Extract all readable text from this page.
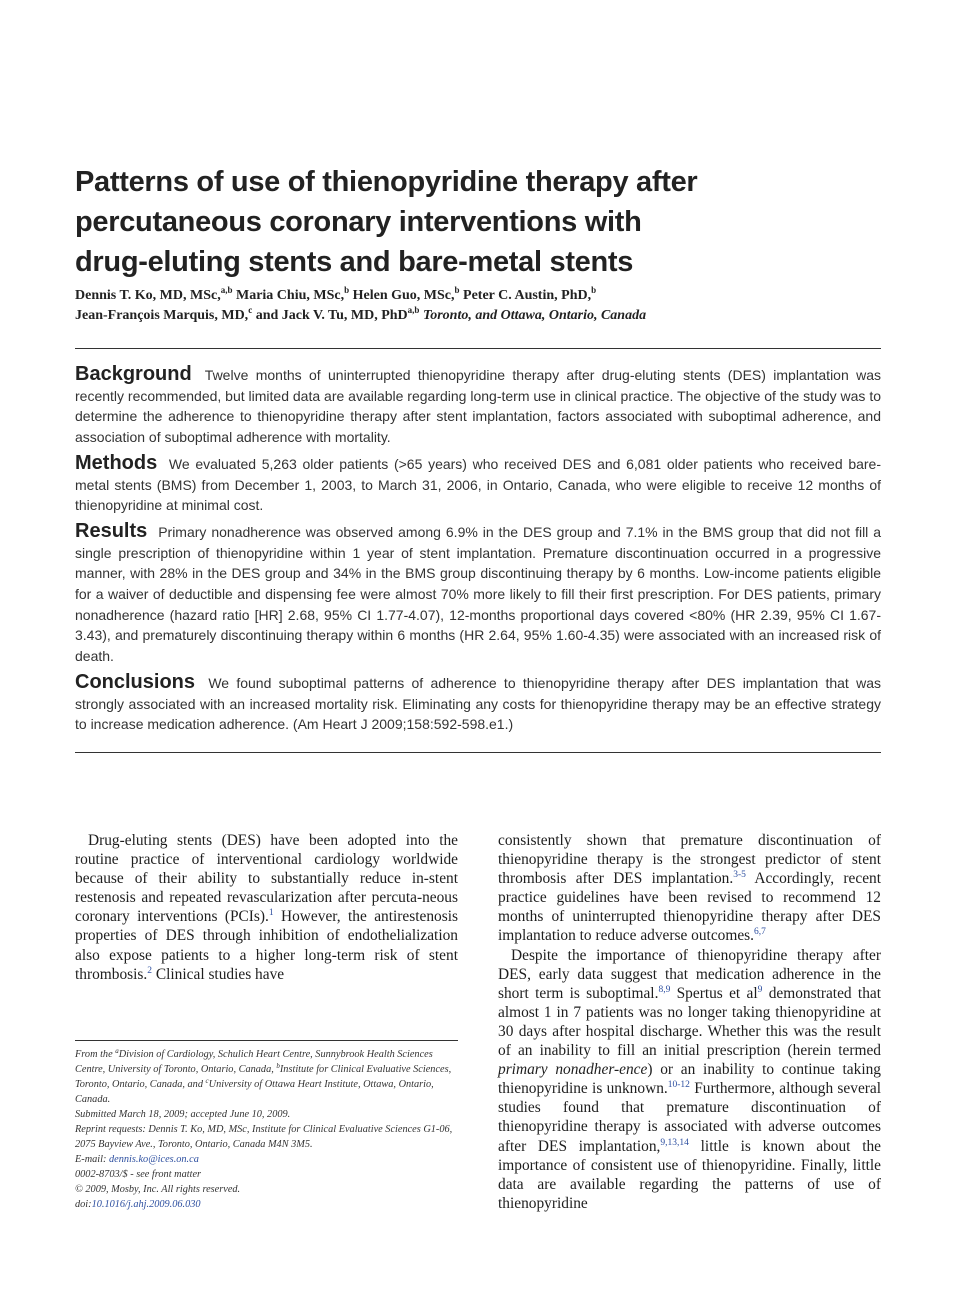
Patterns of use of thienopyridine therapy after
percutaneous coronary interventions with
drug-eluting stents and bare-metal stents
Dennis T. Ko, MD, MSc,$^{a,b}$ Maria Chiu, MSc,$^b$ Helen Guo, MSc,$^b$ Peter C. Austin, PhD,$^b$
Jean-François Marquis, MD,$^c$ and Jack V. Tu, MD, PhD$^{a,b}$ Toronto, and Ottawa, Ontario, Canada

Background Twelve months of uninterrupted thienopyridine therapy after drug-eluting stents (DES) implantation was recently recommended, but limited data are available regarding long-term use in clinical practice. The objective of the study was to determine the adherence to thienopyridine therapy after stent implantation, factors associated with suboptimal adherence, and association of suboptimal adherence with mortality.

Methods We evaluated 5,263 older patients (>65 years) who received DES and 6,081 older patients who received bare-metal stents (BMS) from December 1, 2003, to March 31, 2006, in Ontario, Canada, who were eligible to receive 12 months of thienopyridine at minimal cost.

Results Primary nonadherence was observed among 6.9% in the DES group and 7.1% in the BMS group that did not fill a single prescription of thienopyridine within 1 year of stent implantation. Premature discontinuation occurred in a progressive manner, with 28% in the DES group and 34% in the BMS group discontinuing therapy by 6 months. Low-income patients eligible for a waiver of deductible and dispensing fee were almost 70% more likely to fill their first prescription. For DES patients, primary nonadherence (hazard ratio [HR] 2.68, 95% CI 1.77-4.07), 12-months proportional days covered <80% (HR 2.39, 95% CI 1.67-3.43), and prematurely discontinuing therapy within 6 months (HR 2.64, 95% 1.60-4.35) were associated with an increased risk of death.

Conclusions We found suboptimal patterns of adherence to thienopyridine therapy after DES implantation that was strongly associated with an increased mortality risk. Eliminating any costs for thienopyridine therapy may be an effective strategy to increase medication adherence. (Am Heart J 2009;158:592-598.e1.)

Drug-eluting stents (DES) have been adopted into the routine practice of interventional cardiology worldwide because of their ability to substantially reduce in-stent restenosis and repeated revascularization after percuta-neous coronary interventions (PCIs).$^1$ However, the antirestenosis properties of DES through inhibition of endothelialization also expose patients to a higher long-term risk of stent thrombosis.$^2$ Clinical studies have

From the $^a$Division of Cardiology, Schulich Heart Centre, Sunnybrook Health Sciences Centre, University of Toronto, Ontario, Canada, $^b$Institute for Clinical Evaluative Sciences, Toronto, Ontario, Canada, and $^c$University of Ottawa Heart Institute, Ottawa, Ontario, Canada.
Submitted March 18, 2009; accepted June 10, 2009.
Reprint requests: Dennis T. Ko, MD, MSc, Institute for Clinical Evaluative Sciences G1-06, 2075 Bayview Ave., Toronto, Ontario, Canada M4N 3M5.
E-mail: dennis.ko@ices.on.ca
0002-8703/$ - see front matter
© 2009, Mosby, Inc. All rights reserved.
doi:10.1016/j.ahj.2009.06.030

consistently shown that premature discontinuation of thienopyridine therapy is the strongest predictor of stent thrombosis after DES implantation.$^{3-5}$ Accordingly, recent practice guidelines have been revised to recommend 12 months of uninterrupted thienopyridine therapy after DES implantation to reduce adverse outcomes.$^{6,7}$

Despite the importance of thienopyridine therapy after DES, early data suggest that medication adherence in the short term is suboptimal.$^{8,9}$ Spertus et $al^9$ demonstrated that almost 1 in 7 patients was no longer taking thienopyridine at 30 days after hospital discharge. Whether this was the result of an inability to fill an initial prescription (herein termed primary nonadher-ence) or an inability to continue taking thienopyridine is unknown.$^{10-12}$ Furthermore, although several studies found that premature discontinuation of thienopyridine therapy is associated with adverse outcomes after DES implantation,$^{9,13,14}$ little is known about the importance of consistent use of thienopyridine. Finally, little data are available regarding the patterns of use of thienopyridine
